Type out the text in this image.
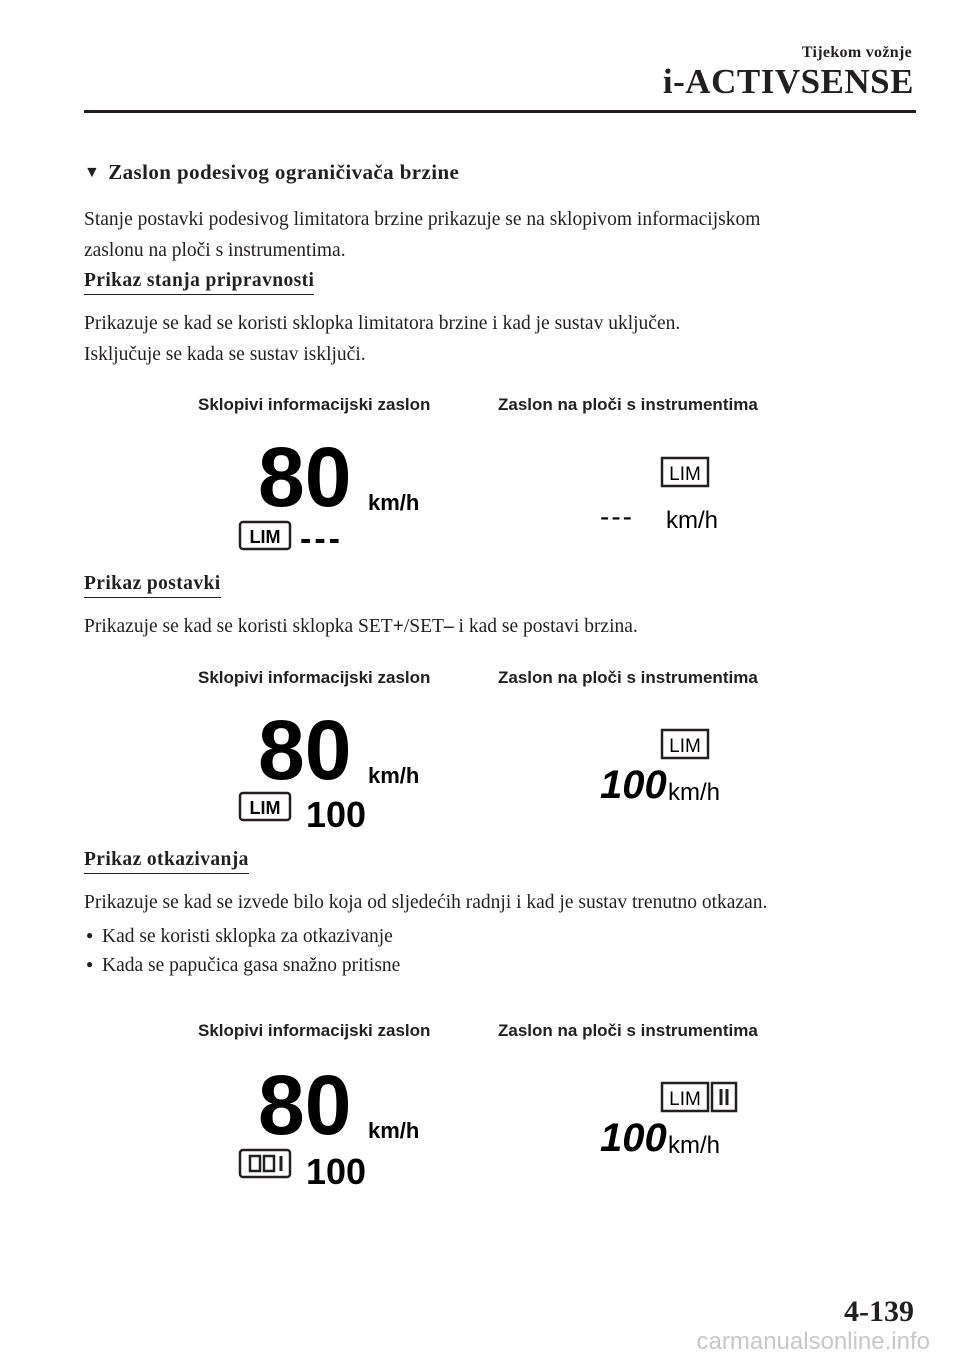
Tijekom vožnje
i-ACTIVSENSE
▼ Zaslon podesivog ograničivača brzine
Stanje postavki podesivog limitatora brzine prikazuje se na sklopivom informacijskom
zaslonu na ploči s instrumentima.
Prikaz stanja pripravnosti
Prikazuje se kad se koristi sklopka limitatora brzine i kad je sustav uključen.
Isključuje se kada se sustav isključi.
Sklopivi informacijski zaslon	Zaslon na ploči s instrumentima
80 km/h
LIM ---
LIM
--- km/h
Prikaz postavki
Prikazuje se kad se koristi sklopka SET+/SET– i kad se postavi brzina.
Sklopivi informacijski zaslon	Zaslon na ploči s instrumentima
80 km/h
LIM 100
LIM
100 km/h
Prikaz otkazivanja
Prikazuje se kad se izvede bilo koja od sljedećih radnji i kad je sustav trenutno otkazan.
● Kad se koristi sklopka za otkazivanje
● Kada se papučica gasa snažno pritisne
Sklopivi informacijski zaslon	Zaslon na ploči s instrumentima
80 km/h
100
LIM
100 km/h
4-139
carmanualsonline.info
